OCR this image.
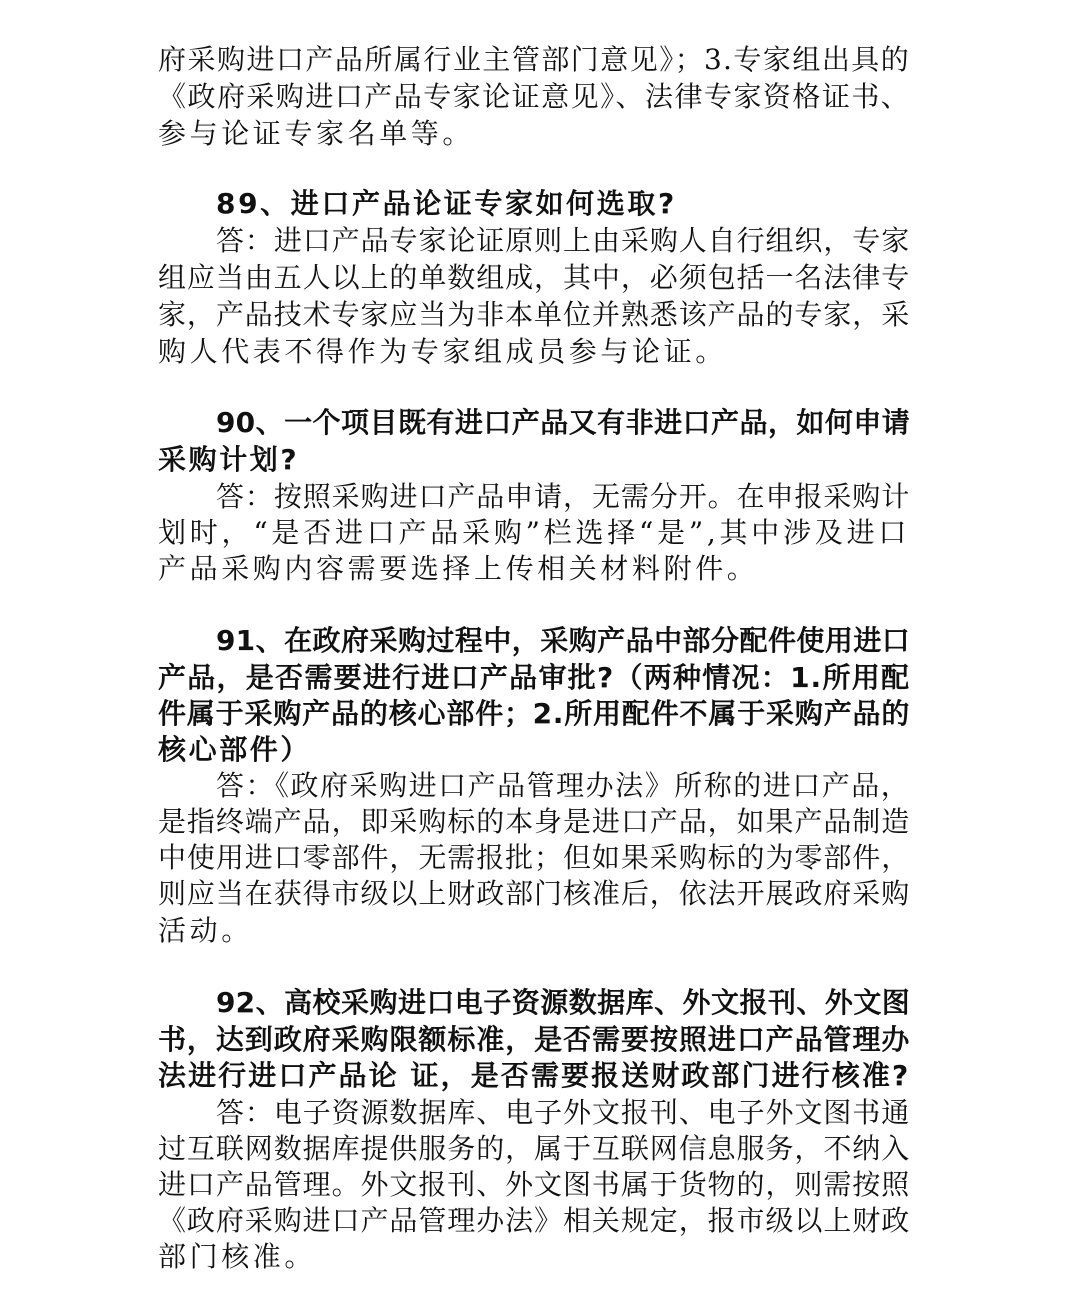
府采购进口产品所属行业主管部门意见》；3.专家组出具的
《政府采购进口产品专家论证意见》、法律专家资格证书、
参与论证专家名单等。
89、进口产品论证专家如何选取?
答：进口产品专家论证原则上由采购人自行组织，专家
组应当由五人以上的单数组成，其中，必须包括一名法律专
家，产品技术专家应当为非本单位并熟悉该产品的专家，采
购人代表不得作为专家组成员参与论证。
90、一个项目既有进口产品又有非进口产品，如何申请
采购计划?
答：按照采购进口产品申请，无需分开。在申报采购计
划时，“是否进口产品采购”栏选择“是”,其中涉及进口
产品采购内容需要选择上传相关材料附件。
91、在政府采购过程中，采购产品中部分配件使用进口
产品，是否需要进行进口产品审批?（两种情况：1.所用配
件属于采购产品的核心部件；2.所用配件不属于采购产品的
核心部件）
答：《政府采购进口产品管理办法》所称的进口产品，
是指终端产品，即采购标的本身是进口产品，如果产品制造
中使用进口零部件，无需报批；但如果采购标的为零部件，
则应当在获得市级以上财政部门核准后，依法开展政府采购
活动。
92、高校采购进口电子资源数据库、外文报刊、外文图
书，达到政府采购限额标准，是否需要按照进口产品管理办
法进行进口产品论 证，是否需要报送财政部门进行核准?
答：电子资源数据库、电子外文报刊、电子外文图书通
过互联网数据库提供服务的，属于互联网信息服务，不纳入
进口产品管理。外文报刊、外文图书属于货物的，则需按照
《政府采购进口产品管理办法》相关规定，报市级以上财政
部门核准。
